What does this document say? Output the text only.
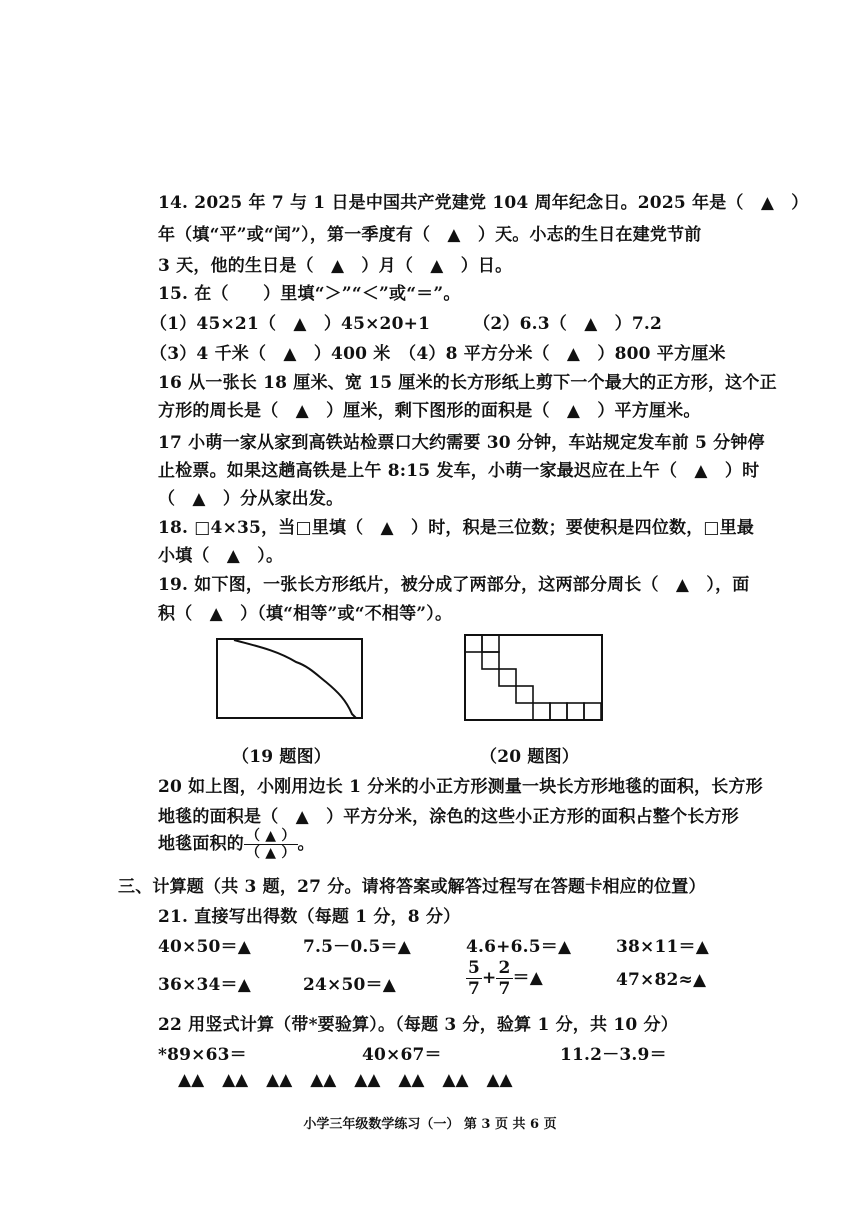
14. 2025 年 7 与 1 日是中国共产党建党 104 周年纪念日。2025 年是（　▲　）
年（填“平”或“闰”），第一季度有（　▲　）天。小志的生日在建党节前
3 天，他的生日是（　▲　）月（　▲　）日。
15. 在（　　）里填“＞”“＜”或“＝”。
（1）45×21（　▲　）45×20+1　　　（2）6.3（　▲　）7.2
（3）4 千米（　▲　）400 米　（4）8 平方分米（　▲　）800 平方厘米
16 从一张长 18 厘米、宽 15 厘米的长方形纸上剪下一个最大的正方形，这个正
方形的周长是（　▲　）厘米，剩下图形的面积是（　▲　）平方厘米。
17 小萌一家从家到高铁站检票口大约需要 30 分钟，车站规定发车前 5 分钟停
止检票。如果这趟高铁是上午 8:15 发车，小萌一家最迟应在上午（　▲　）时
（　▲　）分从家出发。
18. □4×35，当□里填（　▲　）时，积是三位数；要使积是四位数，□里最
小填（　▲　）。
19. 如下图，一张长方形纸片，被分成了两部分，这两部分周长（　▲　），面
积（　▲　）（填“相等”或“不相等”）。
（19 题图）	（20 题图）
20 如上图，小刚用边长 1 分米的小正方形测量一块长方形地毯的面积，长方形
地毯的面积是（　▲　）平方分米，涂色的这些小正方形的面积占整个长方形
地毯面积的 $\frac{( ▲ )}{( ▲ )}$ 。
三、计算题（共 3 题，27 分。请将答案或解答过程写在答题卡相应的位置）
21. 直接写出得数（每题 1 分，8 分）
40×50＝▲	7.5－0.5＝▲	4.6+6.5＝▲	38×11＝▲
36×34＝▲	24×50＝▲	$\frac{5}{7} + \frac{2}{7}$ ＝▲	47×82≈▲
22 用竖式计算（带*要验算）。（每题 3 分，验算 1 分，共 10 分）
*89×63＝	40×67＝	11.2－3.9＝
▲▲ ▲▲ ▲▲ ▲▲ ▲▲ ▲▲ ▲▲ ▲▲
小学三年级数学练习（一） 第 3 页 共 6 页
